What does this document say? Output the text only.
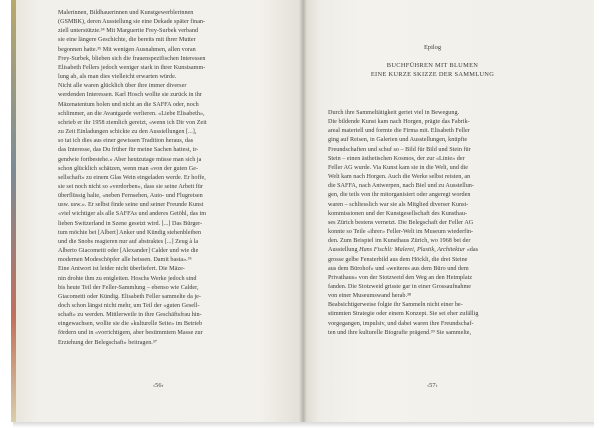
Malerinnen, Bildhauerinnen und Kunstgewerblerinnen
(GSMBK), deren Ausstellung sie eine Dekade später finan-
ziell unterstützte.³⁴ Mit Marguerite Frey-Surbek verband
sie eine längere Geschichte, die bereits mit ihrer Mutter
begonnen hatte.³⁵ Mit wenigen Ausnahmen, allen voran
Frey-Surbek, blieben sich die frauenspezifischen Interessen
Elisabeth Fellers jedoch weniger stark in ihrer Kunstsamm-
lung ab, als man dies vielleicht erwarten würde.
Nicht alle waren glücklich über ihre immer diverser
werdenden Interessen. Karl Hosch wollte sie zurück in ihr
Mäzenatentum holen und nicht an die SAFFA oder, noch
schlimmer, an die Avantgarde verlieren. «Liebe Elisabeth»,
schrieb er ihr 1958 ziemlich gereizt, «wenn ich Dir von Zeit
zu Zeit Einladungen schickte zu den Ausstellungen [...],
so tat ich dies aus einer gewissen Tradition heraus, das
das Interesse, das Du früher für meine Sachen hattest, ir-
gendwie fortbestehe.» Aber heutzutage müsse man sich ja
schon glücklich schätzen, wenn man «von der guten Ge-
sellschaft» zu einem Glas Wein eingeladen werde. Er hoffe,
sie sei noch nicht so «verdorben», dass sie seine Arbeit für
überflüssig halte, «neben Fernsehen, Auto- und Flugreisen
usw. usw.». Er selbst finde seine und seiner Freunde Kunst
«viel wichtiger als alle SAFFAs und anderes Getöhl, das im
lieben Switzerland in Szene gesetzt wird. [...] Das Bürger-
tum möchte bei [Albert] Anker und Kündig stehenbleiben
und die Snobs reagieren nur auf abstraktes [...] Zeug à la
Alberto Giacometti oder [Alexander] Calder und wie die
modernen Modeschöpfer alle heissen. Damit basta».³⁶
Eine Antwort ist leider nicht überliefert. Die Mäze-
nin drohte ihm zu entgleiten. Hoschs Werke jedoch sind
bis heute Teil der Feller-Sammlung – ebenso wie Calder,
Giacometti oder Kündig. Elisabeth Feller sammelte da je-
doch schon längst nicht mehr, um Teil der «guten Gesell-
schaft» zu werden. Mittlerweile in ihre Geschäftsfrau hin-
eingewachsen, wollte sie die «kulturelle Seite» im Betrieb
fördern und in «vorrichtigem, aber bestimmtem Masse zur
Erziehung der Belegschaft» beitragen.³⁷
‹56›
Epilog
BUCHFÜHREN MIT BLUMEN
EINE KURZE SKIZZE DER SAMMLUNG
Durch ihre Sammeltätigkeit geriet viel in Bewegung.
Die bildende Kunst kam nach Horgen, prägte das Fabrik-
areal materiell und formte die Firma mit. Elisabeth Feller
ging auf Reisen, in Galerien und Ausstellungen, knüpfte
Freundschaften und schuf so – Bild für Bild und Stein für
Stein – einen ästhetischen Kosmos, der zur «Linie» der
Feller AG wurde. Via Kunst kam sie in die Welt, und die
Welt kam nach Horgen. Auch die Werke selbst reisten, an
die SAFFA, nach Antwerpen, nach Biel und zu Ausstellun-
gen, die teils von ihr mitorganisiert oder angeregt worden
waren – schliesslich war sie als Mitglied diverser Kunst-
kommissionen und der Kunstgesellschaft des Kunsthau-
ses Zürich bestens vernetzt. Die Belegschaft der Feller AG
konnte so Teile «ihrer» Feller-Welt im Museum wiederfin-
den. Zum Beispiel im Kunsthaus Zürich, wo 1968 bei der
Ausstellung Hans Fischli: Malerei, Plastik, Architektur «das
grosse gelbe Fensterbild aus dem Höckli, die drei Steine
aus dem Bürohof» und «weiteres aus dem Büro und dem
Privathaus» von der Stotzweid den Weg an den Heimplatz
fanden. Die Stotzweid grisste gar in einer Grossaufnahme
von einer Museumswand herab.³⁸
Beabsichtigerweise folgte ihr Sammeln nicht einer be-
stimmten Strategie oder einem Konzept. Sie sei eher zufällig
vorgegangen, impulsiv, und dabei waren ihre Freundschaf-
ten und ihre kulturelle Biografie prägend.³⁹ Sie sammelte,
‹57›
